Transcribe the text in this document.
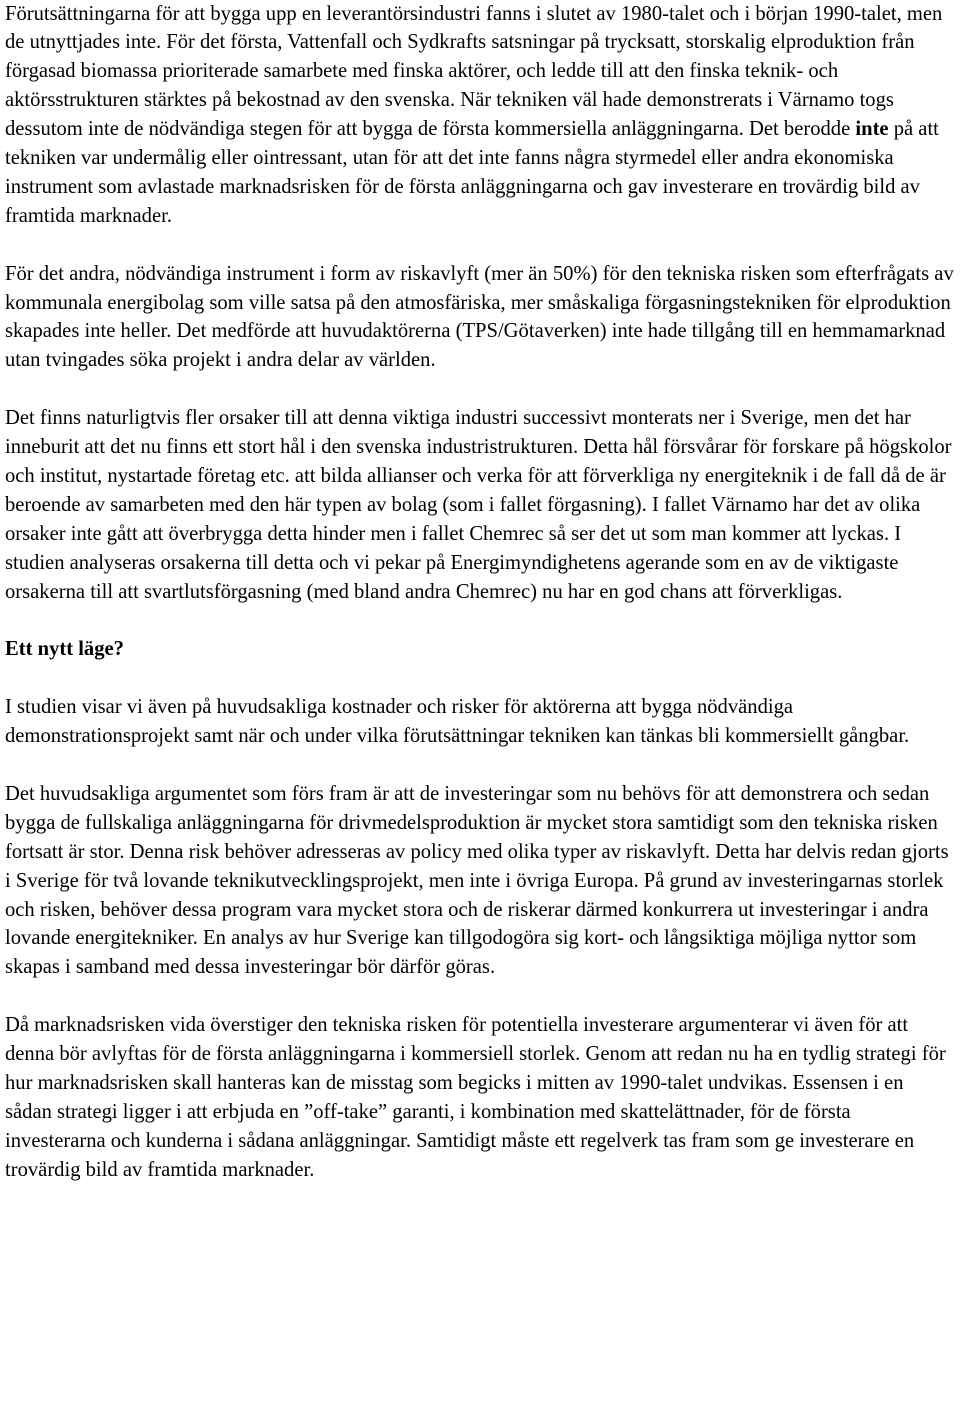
Förutsättningarna för att bygga upp en leverantörsindustri fanns i slutet av 1980-talet och i början 1990-talet, men de utnyttjades inte. För det första, Vattenfall och Sydkrafts satsningar på trycksatt, storskalig elproduktion från förgasad biomassa prioriterade samarbete med finska aktörer, och ledde till att den finska teknik- och aktörsstrukturen stärktes på bekostnad av den svenska. När tekniken väl hade demonstrerats i Värnamo togs dessutom inte de nödvändiga stegen för att bygga de första kommersiella anläggningarna. Det berodde inte på att tekniken var undermålig eller ointressant, utan för att det inte fanns några styrmedel eller andra ekonomiska instrument som avlastade marknadsrisken för de första anläggningarna och gav investerare en trovärdig bild av framtida marknader.

För det andra, nödvändiga instrument i form av riskavlyft (mer än 50%) för den tekniska risken som efterfrågats av kommunala energibolag som ville satsa på den atmosfäriska, mer småskaliga förgasningstekniken för elproduktion skapades inte heller. Det medförde att huvudaktörerna (TPS/Götaverken) inte hade tillgång till en hemmamarknad utan tvingades söka projekt i andra delar av världen.

Det finns naturligtvis fler orsaker till att denna viktiga industri successivt monterats ner i Sverige, men det har inneburit att det nu finns ett stort hål i den svenska industristrukturen. Detta hål försvårar för forskare på högskolor och institut, nystartade företag etc. att bilda allianser och verka för att förverkliga ny energiteknik i de fall då de är beroende av samarbeten med den här typen av bolag (som i fallet förgasning). I fallet Värnamo har det av olika orsaker inte gått att överbrygga detta hinder men i fallet Chemrec så ser det ut som man kommer att lyckas. I studien analyseras orsakerna till detta och vi pekar på Energimyndighetens agerande som en av de viktigaste orsakerna till att svartlutsförgasning (med bland andra Chemrec) nu har en god chans att förverkligas.

Ett nytt läge?

I studien visar vi även på huvudsakliga kostnader och risker för aktörerna att bygga nödvändiga demonstrationsprojekt samt när och under vilka förutsättningar tekniken kan tänkas bli kommersiellt gångbar.

Det huvudsakliga argumentet som förs fram är att de investeringar som nu behövs för att demonstrera och sedan bygga de fullskaliga anläggningarna för drivmedelsproduktion är mycket stora samtidigt som den tekniska risken fortsatt är stor. Denna risk behöver adresseras av policy med olika typer av riskavlyft. Detta har delvis redan gjorts i Sverige för två lovande teknikutvecklingsprojekt, men inte i övriga Europa. På grund av investeringarnas storlek och risken, behöver dessa program vara mycket stora och de riskerar därmed konkurrera ut investeringar i andra lovande energitekniker. En analys av hur Sverige kan tillgodogöra sig kort- och långsiktiga möjliga nyttor som skapas i samband med dessa investeringar bör därför göras.

Då marknadsrisken vida överstiger den tekniska risken för potentiella investerare argumenterar vi även för att denna bör avlyftas för de första anläggningarna i kommersiell storlek. Genom att redan nu ha en tydlig strategi för hur marknadsrisken skall hanteras kan de misstag som begicks i mitten av 1990-talet undvikas. Essensen i en sådan strategi ligger i att erbjuda en ”off-take” garanti, i kombination med skattelättnader, för de första investerarna och kunderna i sådana anläggningar. Samtidigt måste ett regelverk tas fram som ge investerare en trovärdig bild av framtida marknader.
